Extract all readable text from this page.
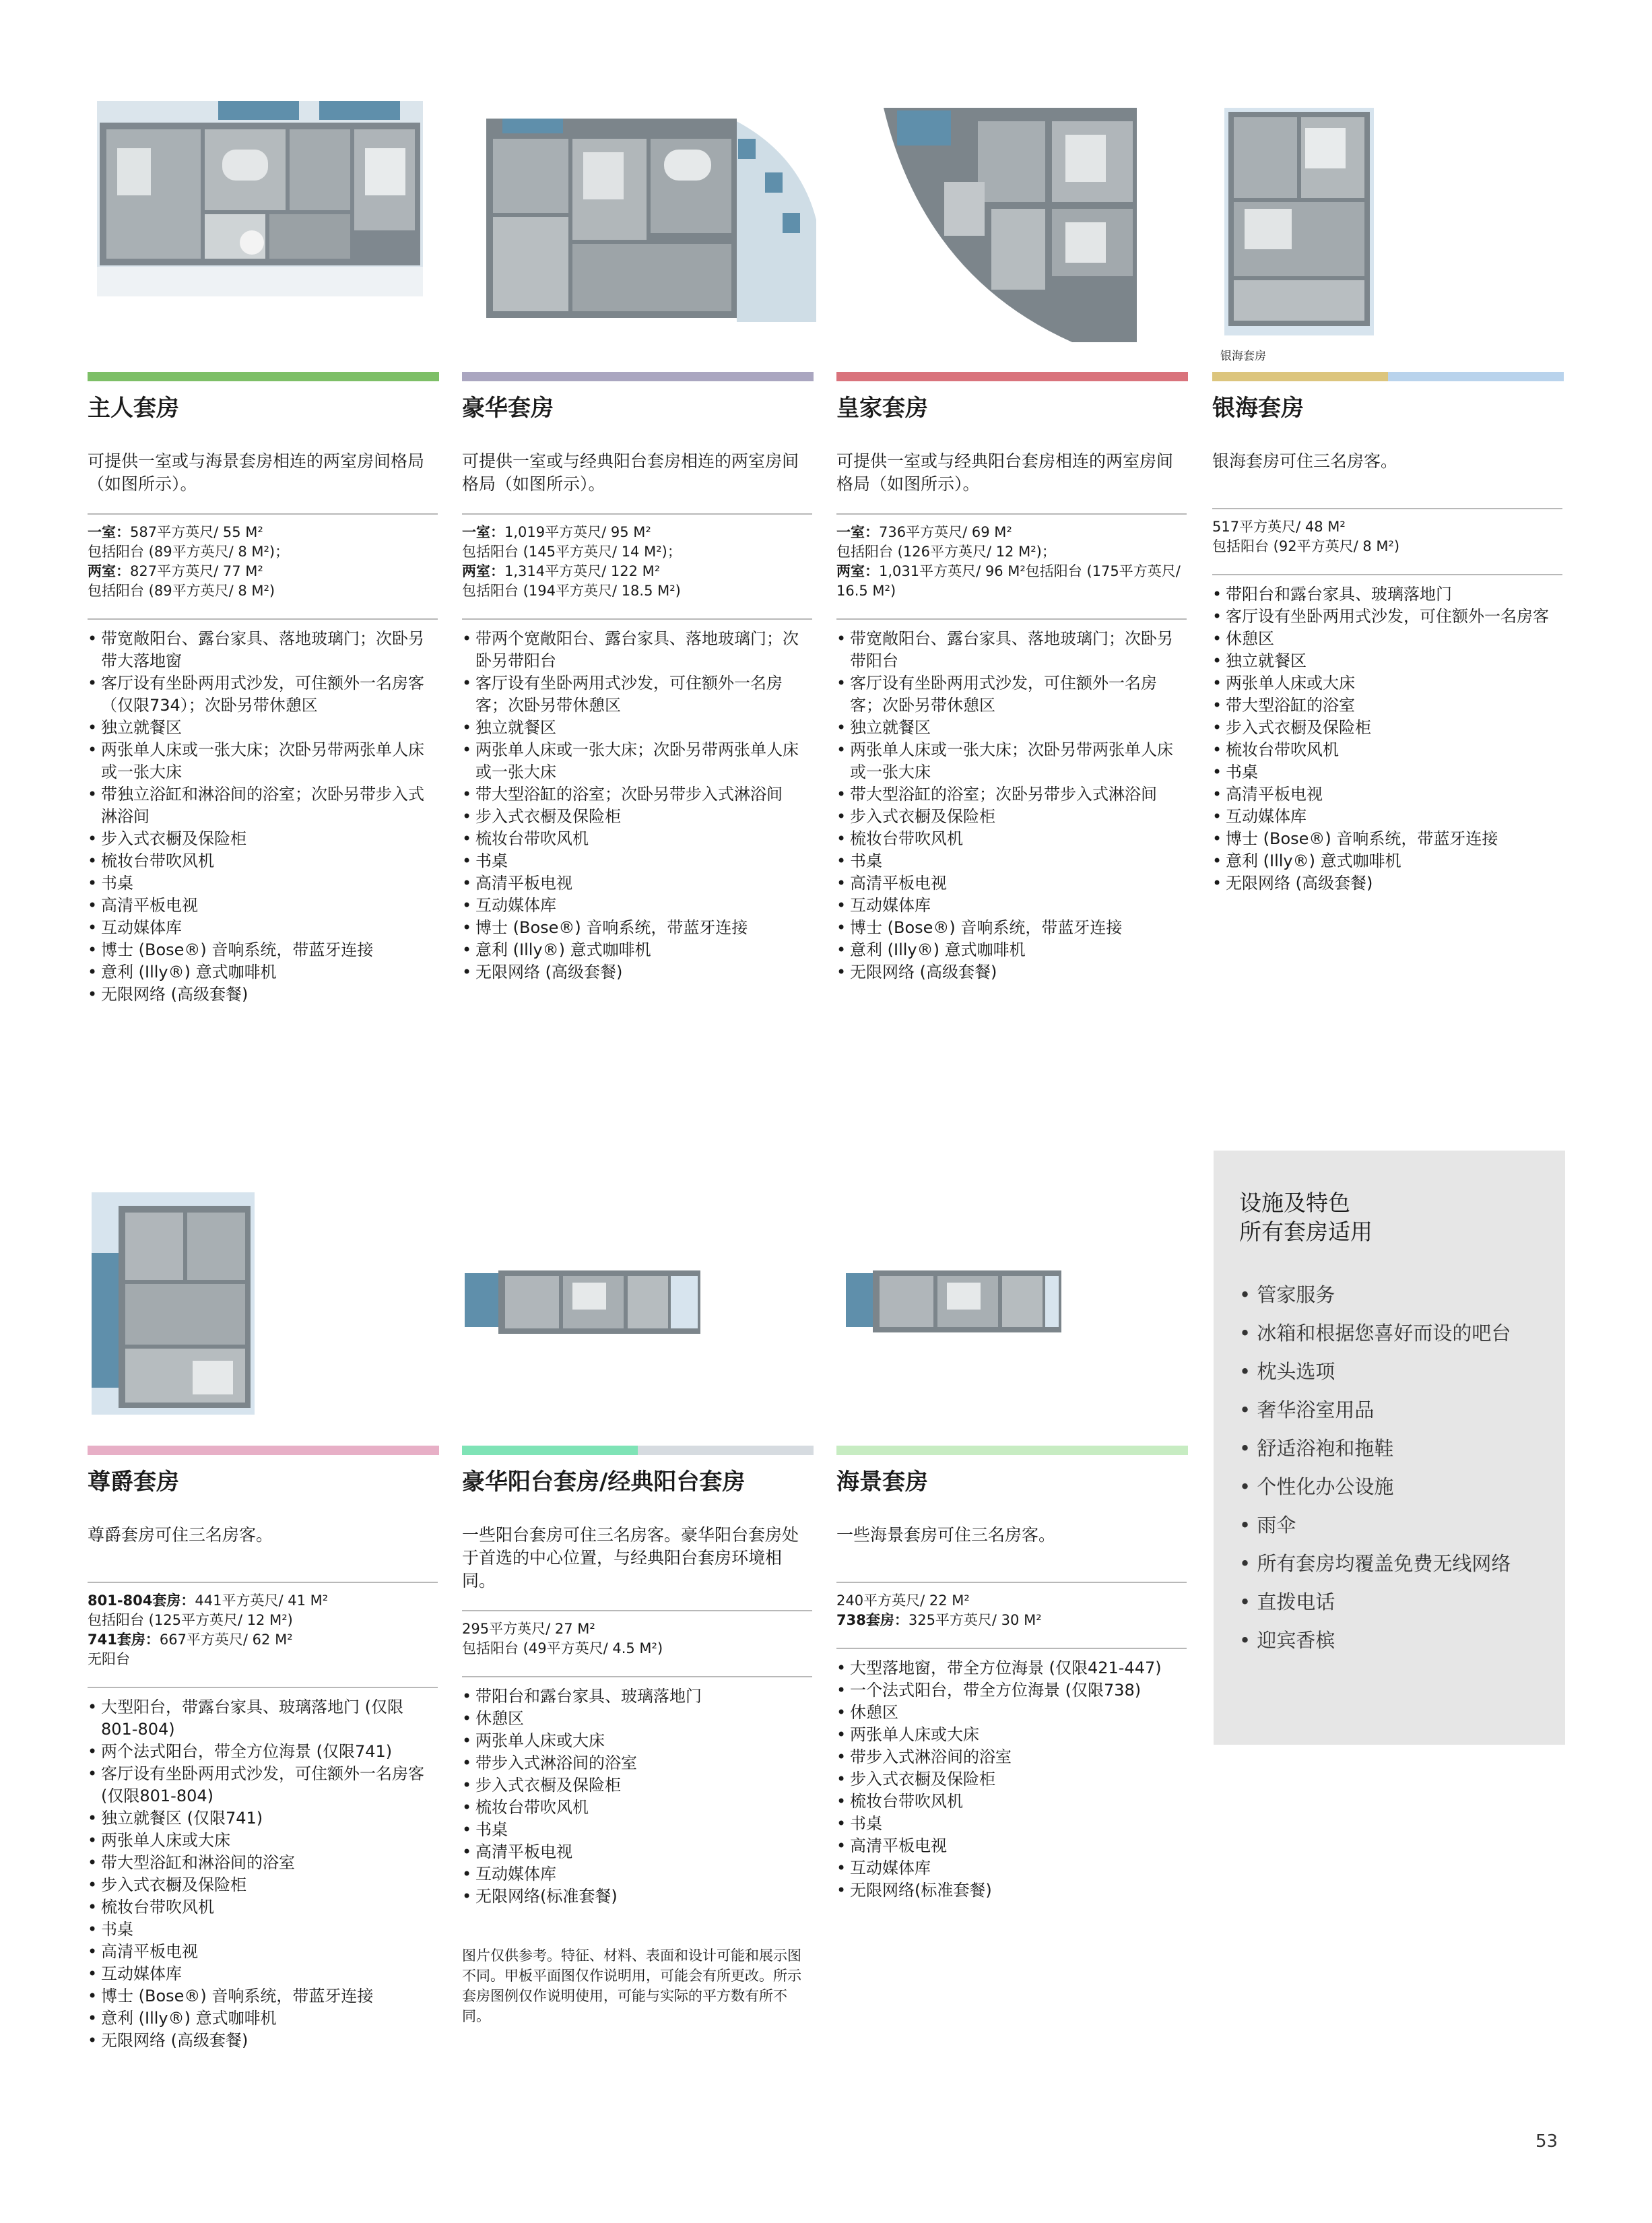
银海套房
主人套房
可提供一室或与海景套房相连的两室房间格局（如图所示）。
一室：587平方英尺/ 55 M²
包括阳台 (89平方英尺/ 8 M²)；
两室：827平方英尺/ 77 M²
包括阳台 (89平方英尺/ 8 M²)
• 带宽敞阳台、露台家具、落地玻璃门；次卧另带大落地窗
• 客厅设有坐卧两用式沙发，可住额外一名房客（仅限734）；次卧另带休憩区
• 独立就餐区
• 两张单人床或一张大床；次卧另带两张单人床或一张大床
• 带独立浴缸和淋浴间的浴室；次卧另带步入式淋浴间
• 步入式衣橱及保险柜
• 梳妆台带吹风机
• 书桌
• 高清平板电视
• 互动媒体库
• 博士 (Bose®) 音响系统，带蓝牙连接
• 意利 (Illy®) 意式咖啡机
• 无限网络 (高级套餐)
豪华套房
可提供一室或与经典阳台套房相连的两室房间格局（如图所示）。
一室：1,019平方英尺/ 95 M²
包括阳台 (145平方英尺/ 14 M²)；
两室：1,314平方英尺/ 122 M²
包括阳台 (194平方英尺/ 18.5 M²)
• 带两个宽敞阳台、露台家具、落地玻璃门；次卧另带阳台
• 客厅设有坐卧两用式沙发，可住额外一名房客；次卧另带休憩区
• 独立就餐区
• 两张单人床或一张大床；次卧另带两张单人床或一张大床
• 带大型浴缸的浴室；次卧另带步入式淋浴间
• 步入式衣橱及保险柜
• 梳妆台带吹风机
• 书桌
• 高清平板电视
• 互动媒体库
• 博士 (Bose®) 音响系统，带蓝牙连接
• 意利 (Illy®) 意式咖啡机
• 无限网络 (高级套餐)
皇家套房
可提供一室或与经典阳台套房相连的两室房间格局（如图所示）。
一室：736平方英尺/ 69 M²
包括阳台 (126平方英尺/ 12 M²)；
两室：1,031平方英尺/ 96 M²包括阳台 (175平方英尺/ 16.5 M²)
• 带宽敞阳台、露台家具、落地玻璃门；次卧另带阳台
• 客厅设有坐卧两用式沙发，可住额外一名房客；次卧另带休憩区
• 独立就餐区
• 两张单人床或一张大床；次卧另带两张单人床或一张大床
• 带大型浴缸的浴室；次卧另带步入式淋浴间
• 步入式衣橱及保险柜
• 梳妆台带吹风机
• 书桌
• 高清平板电视
• 互动媒体库
• 博士 (Bose®) 音响系统，带蓝牙连接
• 意利 (Illy®) 意式咖啡机
• 无限网络 (高级套餐)
银海套房
银海套房可住三名房客。
517平方英尺/ 48 M²
包括阳台 (92平方英尺/ 8 M²)
• 带阳台和露台家具、玻璃落地门
• 客厅设有坐卧两用式沙发，可住额外一名房客
• 休憩区
• 独立就餐区
• 两张单人床或大床
• 带大型浴缸的浴室
• 步入式衣橱及保险柜
• 梳妆台带吹风机
• 书桌
• 高清平板电视
• 互动媒体库
• 博士 (Bose®) 音响系统，带蓝牙连接
• 意利 (Illy®) 意式咖啡机
• 无限网络 (高级套餐)
尊爵套房
尊爵套房可住三名房客。
801-804套房：441平方英尺/ 41 M²
包括阳台 (125平方英尺/ 12 M²)
741套房：667平方英尺/ 62 M²
无阳台
• 大型阳台，带露台家具、玻璃落地门 (仅限801-804)
• 两个法式阳台，带全方位海景 (仅限741)
• 客厅设有坐卧两用式沙发，可住额外一名房客 (仅限801-804)
• 独立就餐区 (仅限741)
• 两张单人床或大床
• 带大型浴缸和淋浴间的浴室
• 步入式衣橱及保险柜
• 梳妆台带吹风机
• 书桌
• 高清平板电视
• 互动媒体库
• 博士 (Bose®) 音响系统，带蓝牙连接
• 意利 (Illy®) 意式咖啡机
• 无限网络 (高级套餐)
豪华阳台套房/经典阳台套房
一些阳台套房可住三名房客。豪华阳台套房处于首选的中心位置，与经典阳台套房环境相同。
295平方英尺/ 27 M²
包括阳台 (49平方英尺/ 4.5 M²)
• 带阳台和露台家具、玻璃落地门
• 休憩区
• 两张单人床或大床
• 带步入式淋浴间的浴室
• 步入式衣橱及保险柜
• 梳妆台带吹风机
• 书桌
• 高清平板电视
• 互动媒体库
• 无限网络(标准套餐)
图片仅供参考。特征、材料、表面和设计可能和展示图不同。甲板平面图仅作说明用，可能会有所更改。所示套房图例仅作说明使用，可能与实际的平方数有所不同。
海景套房
一些海景套房可住三名房客。
240平方英尺/ 22 M²
738套房：325平方英尺/ 30 M²
• 大型落地窗，带全方位海景 (仅限421-447)
• 一个法式阳台，带全方位海景 (仅限738)
• 休憩区
• 两张单人床或大床
• 带步入式淋浴间的浴室
• 步入式衣橱及保险柜
• 梳妆台带吹风机
• 书桌
• 高清平板电视
• 互动媒体库
• 无限网络(标准套餐)
设施及特色
所有套房适用
• 管家服务
• 冰箱和根据您喜好而设的吧台
• 枕头选项
• 奢华浴室用品
• 舒适浴袍和拖鞋
• 个性化办公设施
• 雨伞
• 所有套房均覆盖免费无线网络
• 直拨电话
• 迎宾香槟
53
